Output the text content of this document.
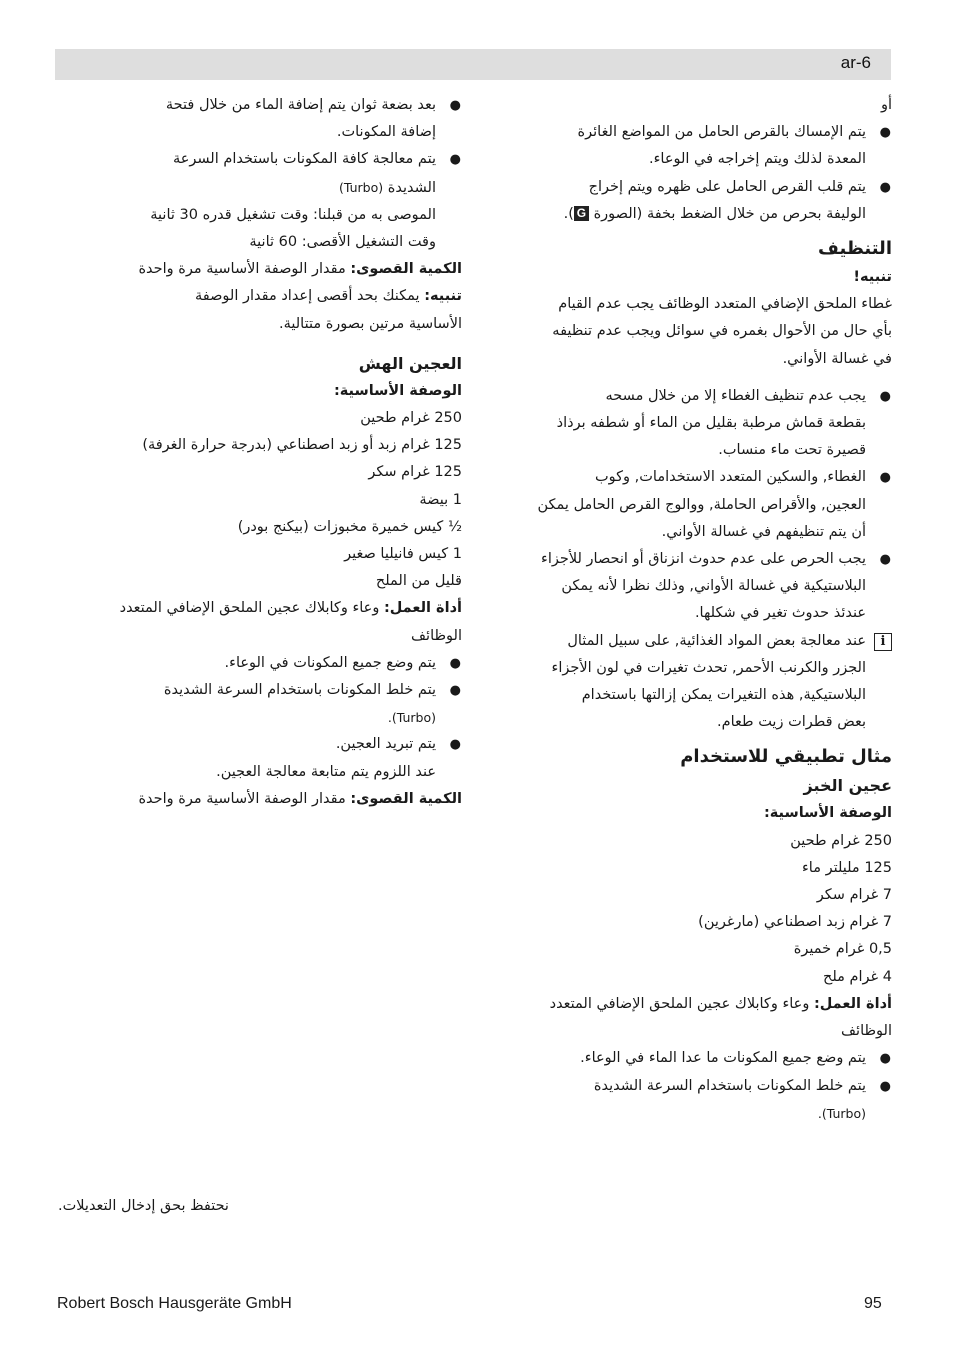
ar-6
أو
●
يتم الإمساك بالقرص الحامل من المواضع الغائرة
المعدة لذلك ويتم إخراجه في الوعاء.
●
يتم قلب القرص الحامل على ظهره ويتم إخراج
الوليفة بحرص من خلال الضغط بخفة (الصورة G).
التنظيف
تنبيه!
غطاء الملحق الإضافي المتعدد الوظائف يجب عدم القيام
بأي حال من الأحوال بغمره في سوائل ويجب عدم تنظيفه
في غسالة الأواني.
●
يجب عدم تنظيف الغطاء إلا من خلال مسحه
بقطعة قماش مرطبة بقليل من الماء أو شطفه برذاذ
قصيرة تحت ماء منساب.
●
الغطاء, والسكين المتعدد الاستخدامات, وكوب
العجين, والأقراص الحاملة, ووالوج القرص الحامل يمكن
أن يتم تنظيفهم في غسالة الأواني.
●
يجب الحرص على عدم حدوث انزناق أو انحصار للأجزاء
البلاستيكية في غسالة الأواني, وذلك نظرا لأنه يمكن
عندئذ حدوث تغير في شكلها.
i
عند معالجة بعض المواد الغذائية, على سبيل المثال
الجزر والكرنب الأحمر, تحدث تغيرات في لون الأجزاء
البلاستيكية, هذه التغيرات يمكن إزالتها باستخدام
بعض قطرات زيت طعام.
مثال تطبيقي للاستخدام
عجين الخبز
الوصفة الأساسية:
250 غرام طحين
125 مليلتر ماء
7 غرام سكر
7 غرام زبد اصطناعي (مارغرين)
0,5 غرام خميرة
4 غرام ملح
أداة العمل: وعاء وكابلاك عجين الملحق الإضافي المتعدد
الوظائف
●
يتم وضع جميع المكونات ما عدا الماء في الوعاء.
●
يتم خلط المكونات باستخدام السرعة الشديدة
(Turbo).
●
بعد بضعة ثوان يتم إضافة الماء من خلال فتحة
إضافة المكونات.
●
يتم معالجة كافة المكونات باستخدام السرعة
الشديدة (Turbo)
الموصى به من قبلنا: وقت تشغيل قدره 30 ثانية
وقت التشغيل الأقصى: 60 ثانية
الكمية القصوى: مقدار الوصفة الأساسية مرة واحدة
تنبيه: يمكنك بحد أقصى إعداد مقدار الوصفة
الأساسية مرتين بصورة متتالية.
العجين الهش
الوصفة الأساسية:
250 غرام طحين
125 غرام زبد أو زبد اصطناعي (بدرجة حرارة الغرفة)
125 غرام سكر
1 بيضة
½ كيس خميرة مخبوزات (بيكنج بودر)
1 كيس فانيليا صغير
قليل من الملح
أداة العمل: وعاء وكابلاك عجين الملحق الإضافي المتعدد
الوظائف
●
يتم وضع جميع المكونات في الوعاء.
●
يتم خلط المكونات باستخدام السرعة الشديدة
(Turbo).
●
يتم تبريد العجين.
عند اللزوم يتم متابعة معالجة العجين.
الكمية القصوى: مقدار الوصفة الأساسية مرة واحدة
نحتفظ بحق إدخال التعديلات.
Robert Bosch Hausgeräte GmbH	95
